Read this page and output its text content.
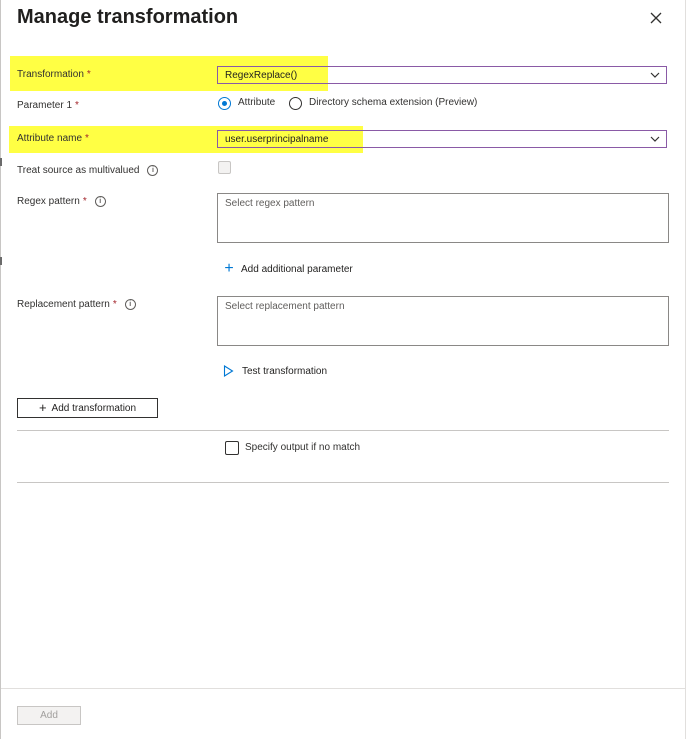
Manage transformation
Transformation *	RegexReplace()
Parameter 1 *	Attribute	Directory schema extension (Preview)
Attribute name *	user.userprincipalname
Treat source as multivalued i
Regex pattern * i	Select regex pattern
+ Add additional parameter
Replacement pattern * i	Select replacement pattern
Test transformation
+ Add transformation
Specify output if no match
Add
